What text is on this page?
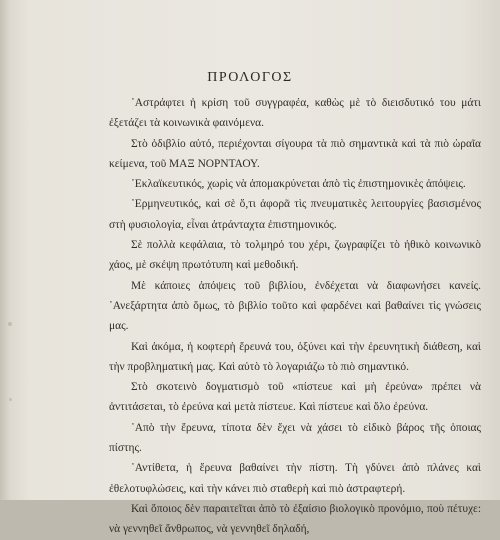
ΠΡΟΛΟΓΟΣ

᾽Αστράφτει ἡ κρίση τοῦ συγγραφέα, καθὼς μὲ τὸ διεισδυτικό του μάτι ἐξετάζει τὰ κοινωνικὰ φαινόμενα.

Στὸ ὁδιβλίο αὐτό, περιέχονται σίγουρα τὰ πιὸ σημαντικὰ καὶ τὰ πιὸ ὡραῖα κείμενα, τοῦ ΜΑΞ ΝΟΡΝΤΑΟΥ.

᾽Εκλαϊκευτικός, χωρὶς νὰ ἀπομακρύνεται ἀπὸ τὶς ἐπιστημονικὲς ἀπόψεις.

᾽Ερμηνευτικός, καὶ σὲ ὅ,τι ἀφορᾶ τὶς πνευματικὲς λειτουργίες βασισμένος στὴ φυσιολογία, εἶναι ἀτράνταχτα ἐπιστημονικός.

Σὲ πολλὰ κεφάλαια, τὸ τολμηρό του χέρι, ζωγραφίζει τὸ ἠθικὸ κοινωνικὸ χάος, μὲ σκέψη πρωτότυπη καὶ μεθοδική.

Μὲ κάποιες ἀπόψεις τοῦ βιβλίου, ἐνδέχεται νὰ διαφωνήσει κανείς. ᾽Ανεξάρτητα ἀπὸ ὅμως, τὸ βιβλίο τοῦτο καὶ φαρδένει καὶ βαθαίνει τὶς γνώσεις μας.

Καὶ ἀκόμα, ἡ κοφτερὴ ἔρευνά του, ὀξύνει καὶ τὴν ἐρευνητικὴ διάθεση, καὶ τὴν προβληματική μας. Καὶ αὐτὸ τὸ λογαριάζω τὸ πιὸ σημαντικό.

Στὸ σκοτεινὸ δογματισμὸ τοῦ «πίστευε καὶ μὴ ἐρεύνα» πρέπει νὰ ἀντιτάσεται, τὸ ἐρεύνα καὶ μετὰ πίστευε. Καὶ πίστευε καὶ ὅλο ἐρεύνα.

᾽Απὸ τὴν ἔρευνα, τίποτα δὲν ἔχει νὰ χάσει τὸ εἰδικὸ βάρος τῆς ὁποιας πίστης.

᾽Αντίθετα, ἡ ἔρευνα βαθαίνει τὴν πίστη. Τὴ γδύνει ἀπὸ πλάνες καὶ ἐθελοτυφλώσεις, καὶ τὴν κάνει πιὸ σταθερὴ καὶ πιὸ ἀστραφτερή.

Καὶ ὅποιος δὲν παραιτεῖται ἀπὸ τὸ ἐξαίσιο βιολογικὸ προνόμιο, ποὺ πέτυχε: νὰ γεννηθεῖ ἄνθρωπος, νὰ γεννηθεῖ δηλαδή,
